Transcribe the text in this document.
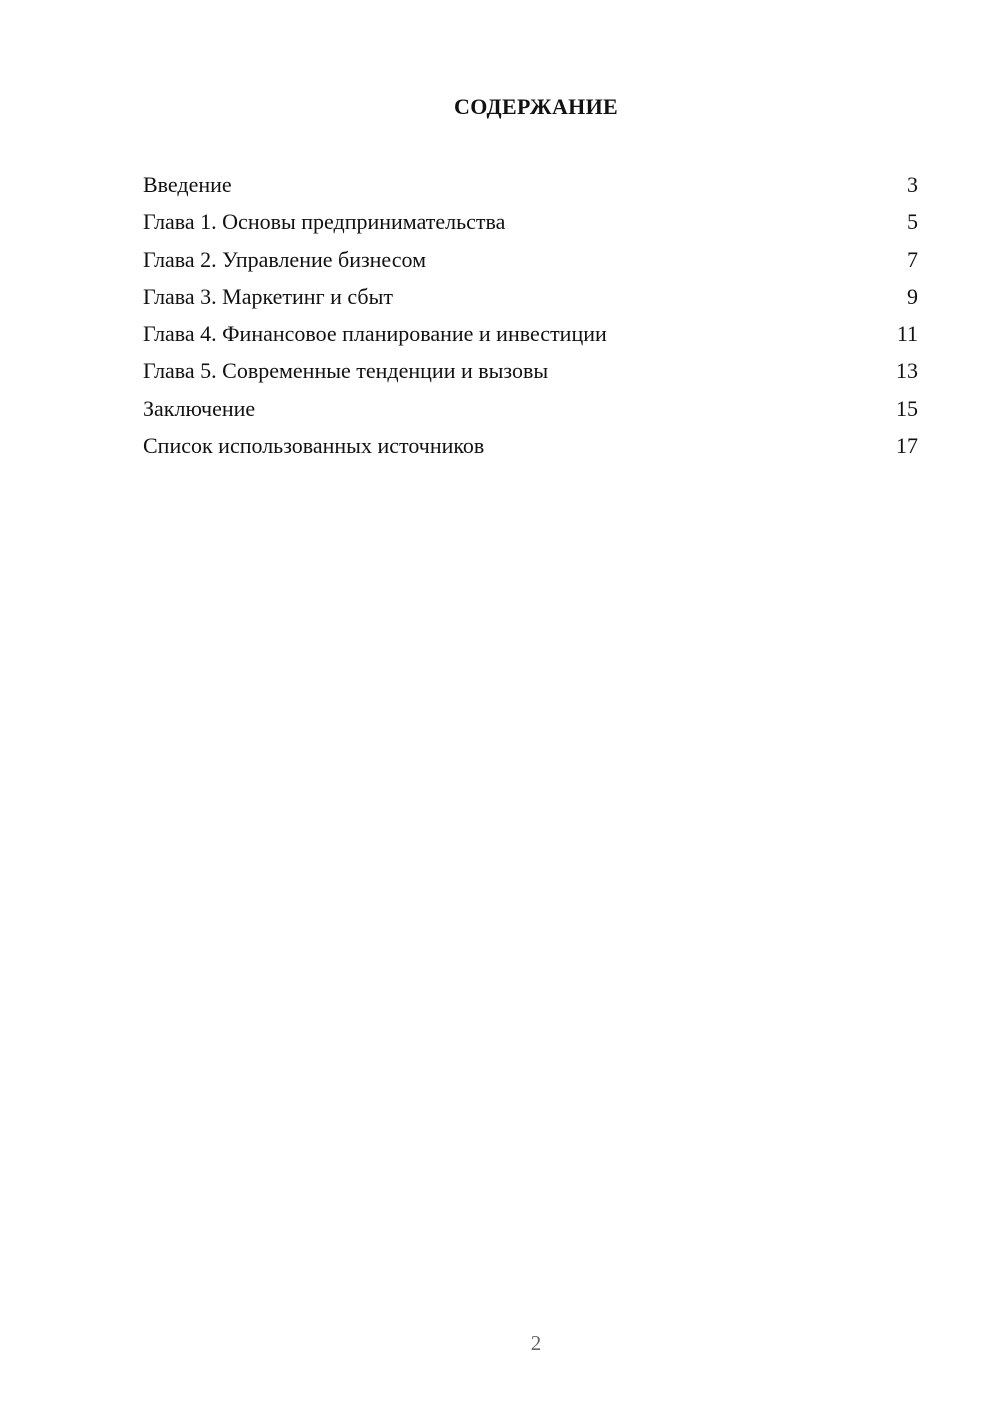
СОДЕРЖАНИЕ
Введение	3
Глава 1. Основы предпринимательства	5
Глава 2. Управление бизнесом	7
Глава 3. Маркетинг и сбыт	9
Глава 4. Финансовое планирование и инвестиции	11
Глава 5. Современные тенденции и вызовы	13
Заключение	15
Список использованных источников	17
2
